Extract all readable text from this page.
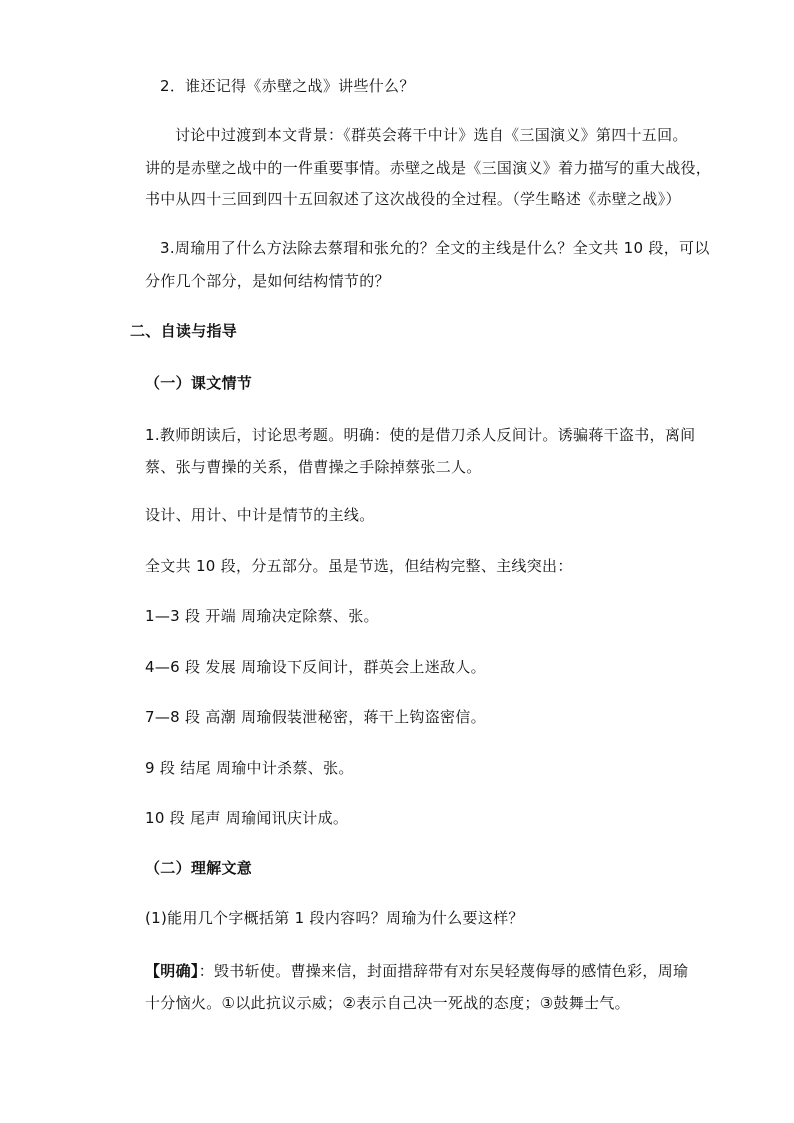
2．谁还记得《赤壁之战》讲些什么？
讨论中过渡到本文背景：《群英会蒋干中计》选自《三国演义》第四十五回。
讲的是赤壁之战中的一件重要事情。赤壁之战是《三国演义》着力描写的重大战役，
书中从四十三回到四十五回叙述了这次战役的全过程。（学生略述《赤壁之战》）
3.周瑜用了什么方法除去蔡瑁和张允的？全文的主线是什么？全文共 10 段，可以
分作几个部分，是如何结构情节的？
二、自读与指导
（一）课文情节
1.教师朗读后，讨论思考题。明确：使的是借刀杀人反间计。诱骗蒋干盗书，离间
蔡、张与曹操的关系，借曹操之手除掉蔡张二人。
设计、用计、中计是情节的主线。
全文共 10 段，分五部分。虽是节选，但结构完整、主线突出：
1—3 段 开端 周瑜决定除蔡、张。
4—6 段 发展 周瑜设下反间计，群英会上迷敌人。
7—8 段 高潮 周瑜假装泄秘密，蒋干上钩盗密信。
9 段 结尾 周瑜中计杀蔡、张。
10 段 尾声 周瑜闻讯庆计成。
（二）理解文意
(1)能用几个字概括第 1 段内容吗？周瑜为什么要这样？
【明确】：毁书斩使。曹操来信，封面措辞带有对东吴轻蔑侮辱的感情色彩，周瑜
十分恼火。①以此抗议示威；②表示自己决一死战的态度；③鼓舞士气。
